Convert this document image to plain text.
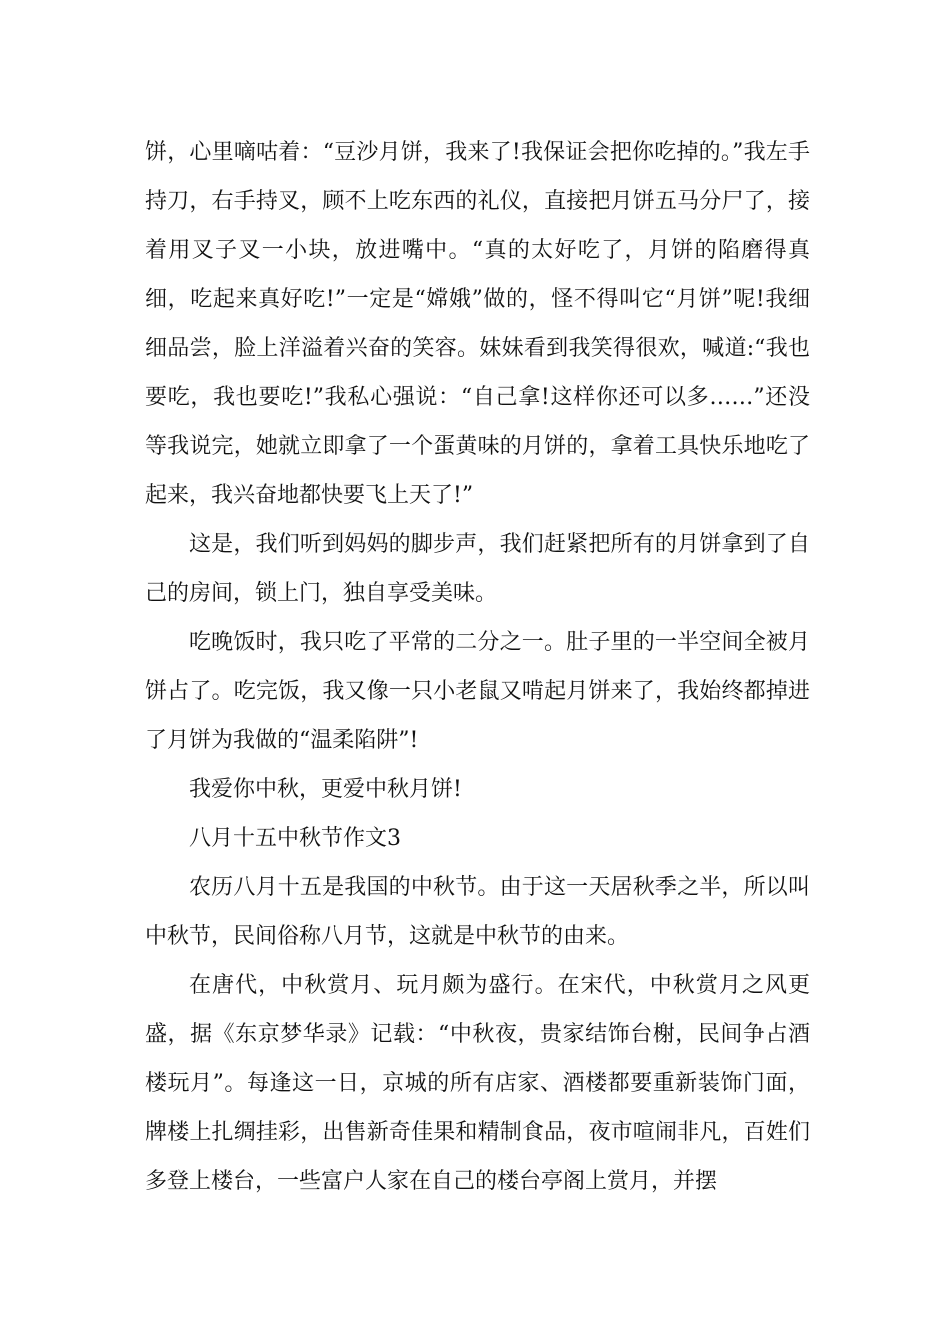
饼，心里嘀咕着：“豆沙月饼，我来了!我保证会把你吃掉的。”我左手持刀，右手持叉，顾不上吃东西的礼仪，直接把月饼五马分尸了，接着用叉子叉一小块，放进嘴中。“真的太好吃了，月饼的陷磨得真细，吃起来真好吃!”一定是“嫦娥”做的，怪不得叫它“月饼”呢!我细细品尝，脸上洋溢着兴奋的笑容。妹妹看到我笑得很欢，喊道:“我也要吃，我也要吃!”我私心强说：“自己拿!这样你还可以多……”还没等我说完，她就立即拿了一个蛋黄味的月饼的，拿着工具快乐地吃了起来，我兴奋地都快要飞上天了!”

这是，我们听到妈妈的脚步声，我们赶紧把所有的月饼拿到了自己的房间，锁上门，独自享受美味。

吃晚饭时，我只吃了平常的二分之一。肚子里的一半空间全被月饼占了。吃完饭，我又像一只小老鼠又啃起月饼来了，我始终都掉进了月饼为我做的“温柔陷阱”!

我爱你中秋，更爱中秋月饼!

八月十五中秋节作文3

农历八月十五是我国的中秋节。由于这一天居秋季之半，所以叫中秋节，民间俗称八月节，这就是中秋节的由来。

在唐代，中秋赏月、玩月颇为盛行。在宋代，中秋赏月之风更盛，据《东京梦华录》记载：“中秋夜，贵家结饰台榭，民间争占酒楼玩月”。每逢这一日，京城的所有店家、酒楼都要重新装饰门面，牌楼上扎绸挂彩，出售新奇佳果和精制食品，夜市喧闹非凡，百姓们多登上楼台，一些富户人家在自己的楼台亭阁上赏月，并摆
